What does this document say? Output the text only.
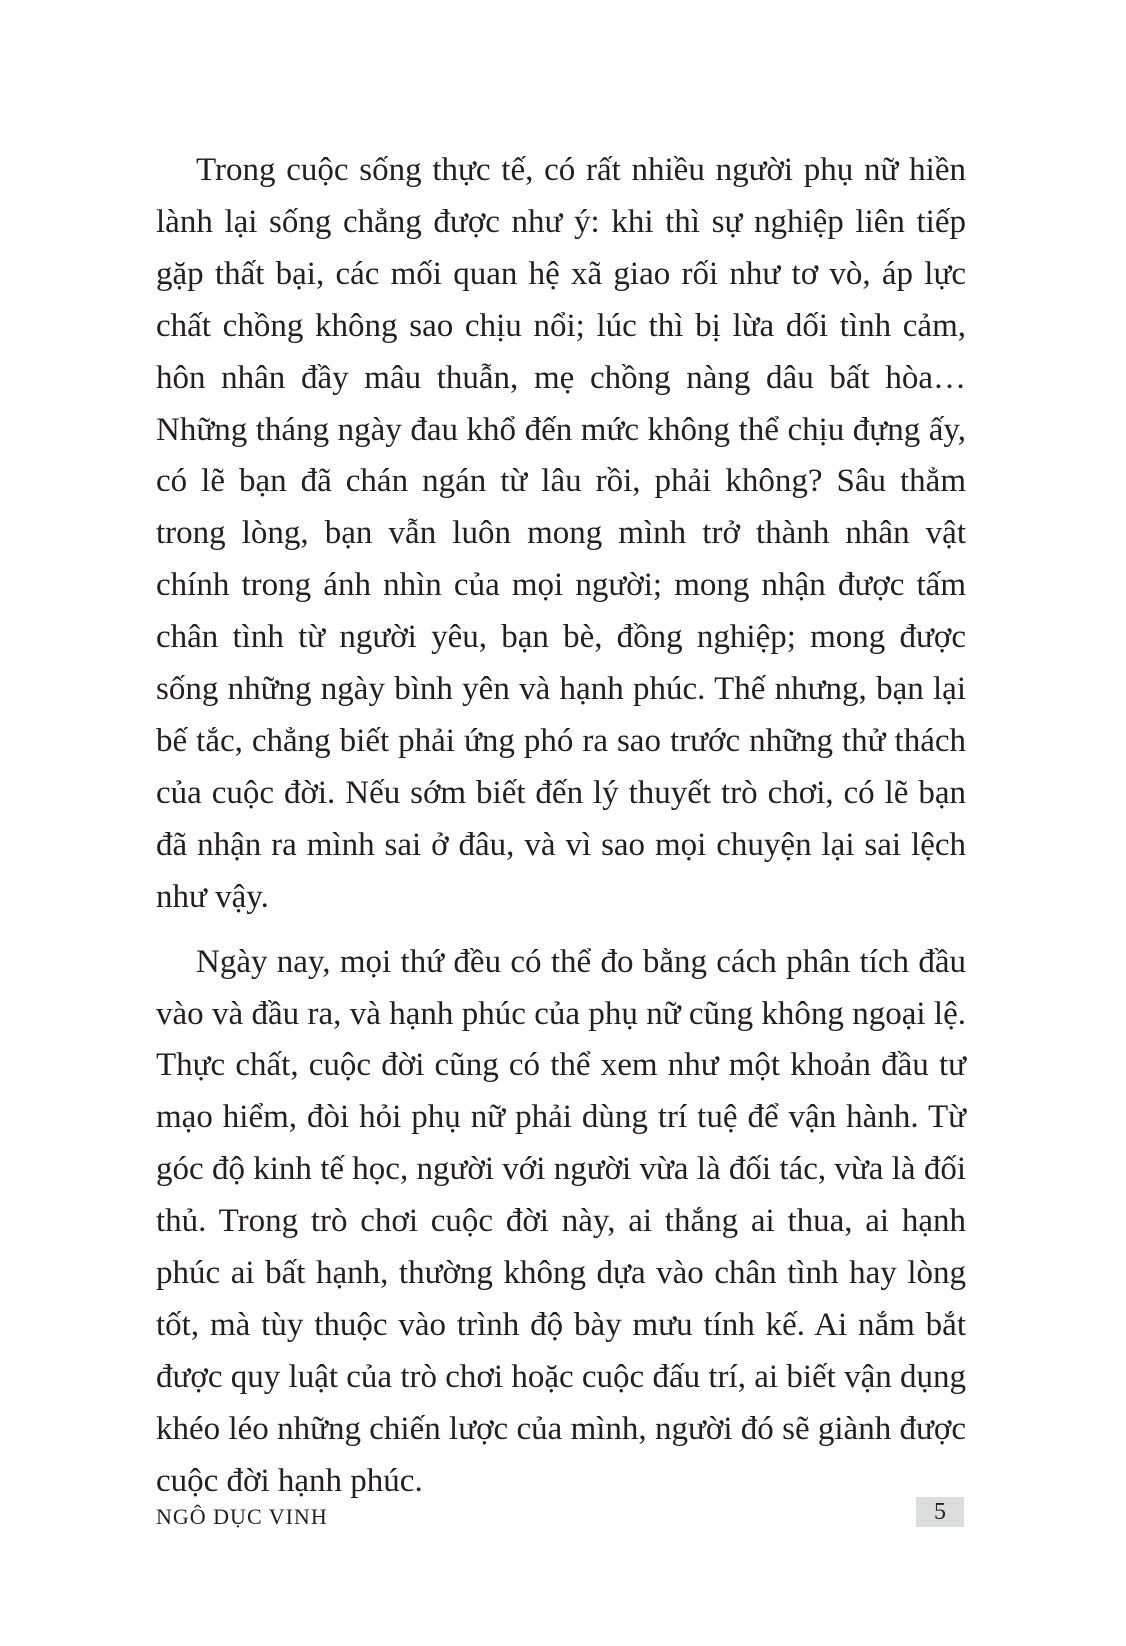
Trong cuộc sống thực tế, có rất nhiều người phụ nữ hiền lành lại sống chẳng được như ý: khi thì sự nghiệp liên tiếp gặp thất bại, các mối quan hệ xã giao rối như tơ vò, áp lực chất chồng không sao chịu nổi; lúc thì bị lừa dối tình cảm, hôn nhân đầy mâu thuẫn, mẹ chồng nàng dâu bất hòa… Những tháng ngày đau khổ đến mức không thể chịu đựng ấy, có lẽ bạn đã chán ngán từ lâu rồi, phải không? Sâu thẳm trong lòng, bạn vẫn luôn mong mình trở thành nhân vật chính trong ánh nhìn của mọi người; mong nhận được tấm chân tình từ người yêu, bạn bè, đồng nghiệp; mong được sống những ngày bình yên và hạnh phúc. Thế nhưng, bạn lại bế tắc, chẳng biết phải ứng phó ra sao trước những thử thách của cuộc đời. Nếu sớm biết đến lý thuyết trò chơi, có lẽ bạn đã nhận ra mình sai ở đâu, và vì sao mọi chuyện lại sai lệch như vậy.

Ngày nay, mọi thứ đều có thể đo bằng cách phân tích đầu vào và đầu ra, và hạnh phúc của phụ nữ cũng không ngoại lệ. Thực chất, cuộc đời cũng có thể xem như một khoản đầu tư mạo hiểm, đòi hỏi phụ nữ phải dùng trí tuệ để vận hành. Từ góc độ kinh tế học, người với người vừa là đối tác, vừa là đối thủ. Trong trò chơi cuộc đời này, ai thắng ai thua, ai hạnh phúc ai bất hạnh, thường không dựa vào chân tình hay lòng tốt, mà tùy thuộc vào trình độ bày mưu tính kế. Ai nắm bắt được quy luật của trò chơi hoặc cuộc đấu trí, ai biết vận dụng khéo léo những chiến lược của mình, người đó sẽ giành được cuộc đời hạnh phúc.

NGÔ DỤC VINH	5
